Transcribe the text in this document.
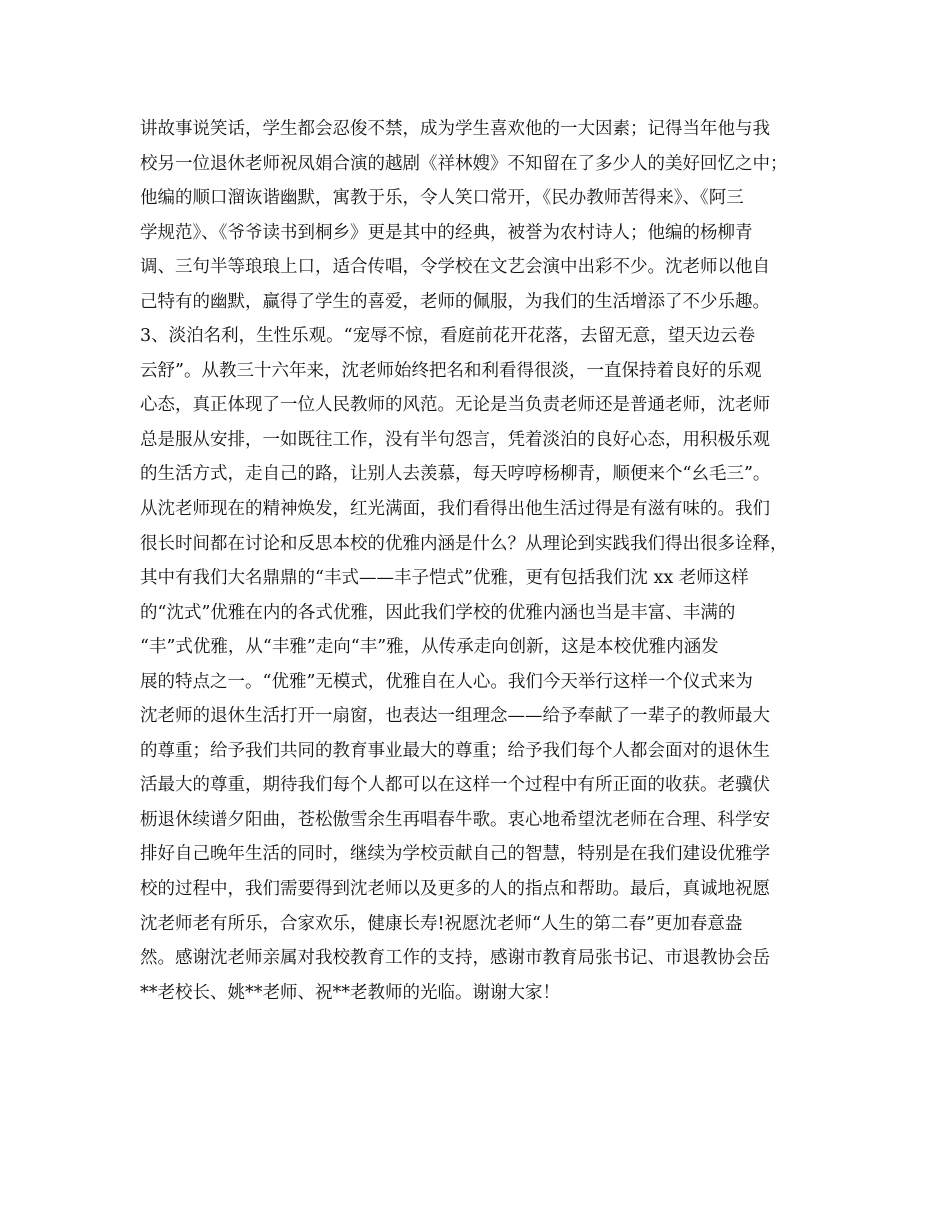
讲故事说笑话，学生都会忍俊不禁，成为学生喜欢他的一大因素；记得当年他与我
校另一位退休老师祝凤娟合演的越剧《祥林嫂》不知留在了多少人的美好回忆之中；
他编的顺口溜诙谐幽默，寓教于乐，令人笑口常开，《民办教师苦得来》、《阿三
学规范》、《爷爷读书到桐乡》更是其中的经典，被誉为农村诗人；他编的杨柳青
调、三句半等琅琅上口，适合传唱，令学校在文艺会演中出彩不少。沈老师以他自
己特有的幽默，赢得了学生的喜爱，老师的佩服，为我们的生活增添了不少乐趣。
3、淡泊名利，生性乐观。“宠辱不惊，看庭前花开花落，去留无意，望天边云卷
云舒”。从教三十六年来，沈老师始终把名和利看得很淡，一直保持着良好的乐观
心态，真正体现了一位人民教师的风范。无论是当负责老师还是普通老师，沈老师
总是服从安排，一如既往工作，没有半句怨言，凭着淡泊的良好心态，用积极乐观
的生活方式，走自己的路，让别人去羡慕，每天哼哼杨柳青，顺便来个“幺毛三”。
从沈老师现在的精神焕发，红光满面，我们看得出他生活过得是有滋有味的。我们
很长时间都在讨论和反思本校的优雅内涵是什么？从理论到实践我们得出很多诠释，
其中有我们大名鼎鼎的“丰式——丰子恺式”优雅，更有包括我们沈 xx 老师这样
的“沈式”优雅在内的各式优雅，因此我们学校的优雅内涵也当是丰富、丰满的
“丰”式优雅，从“丰雅”走向“丰”雅，从传承走向创新，这是本校优雅内涵发
展的特点之一。“优雅”无模式，优雅自在人心。我们今天举行这样一个仪式来为
沈老师的退休生活打开一扇窗，也表达一组理念——给予奉献了一辈子的教师最大
的尊重；给予我们共同的教育事业最大的尊重；给予我们每个人都会面对的退休生
活最大的尊重，期待我们每个人都可以在这样一个过程中有所正面的收获。老骥伏
枥退休续谱夕阳曲，苍松傲雪余生再唱春牛歌。衷心地希望沈老师在合理、科学安
排好自己晚年生活的同时，继续为学校贡献自己的智慧，特别是在我们建设优雅学
校的过程中，我们需要得到沈老师以及更多的人的指点和帮助。最后，真诚地祝愿
沈老师老有所乐，合家欢乐，健康长寿!祝愿沈老师“人生的第二春”更加春意盎
然。感谢沈老师亲属对我校教育工作的支持，感谢市教育局张书记、市退教协会岳
**老校长、姚**老师、祝**老教师的光临。谢谢大家！
